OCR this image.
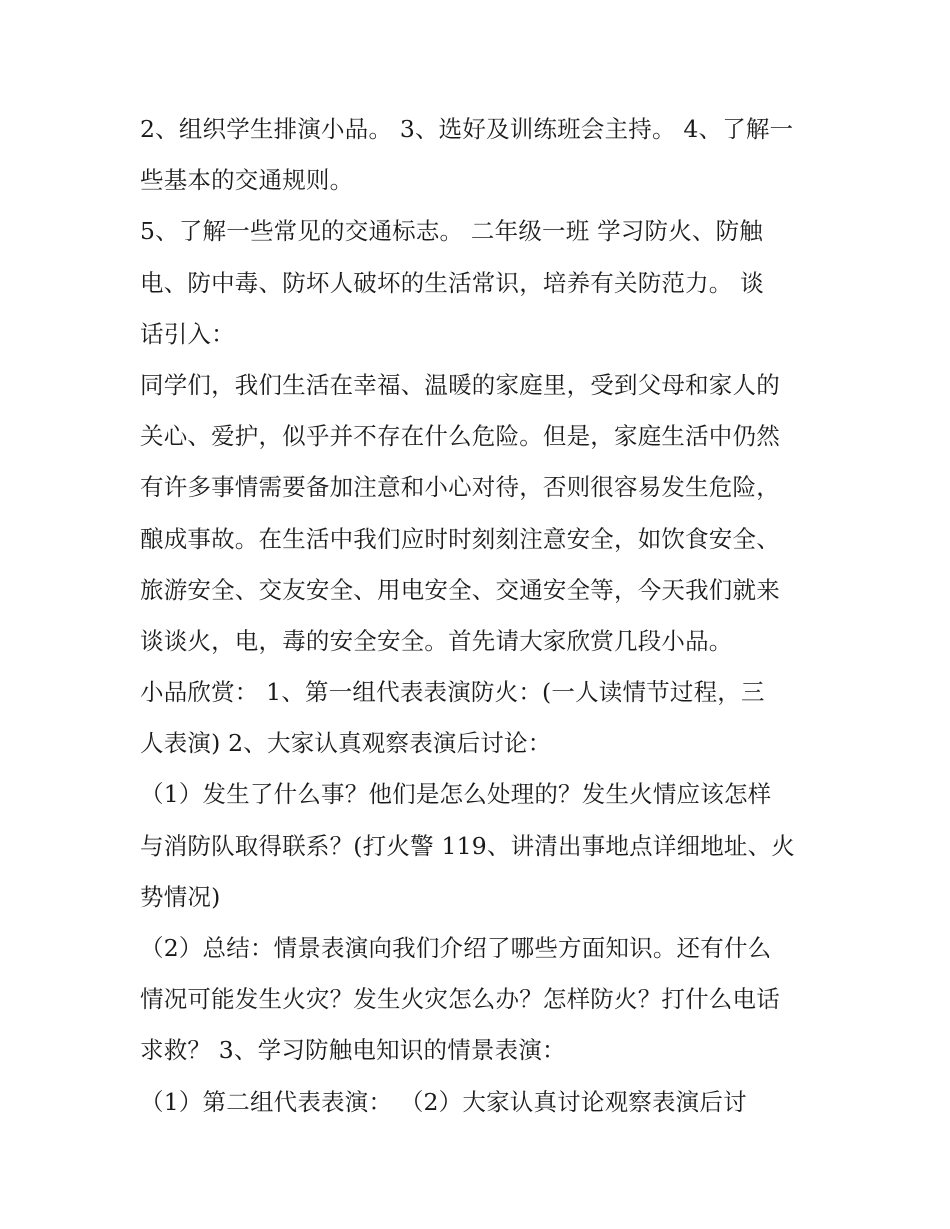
2、组织学生排演小品。 3、选好及训练班会主持。 4、了解一
些基本的交通规则。
5、了解一些常见的交通标志。 二年级一班 学习防火、防触
电、防中毒、防坏人破坏的生活常识，培养有关防范力。 谈
话引入：
同学们，我们生活在幸福、温暖的家庭里，受到父母和家人的
关心、爱护，似乎并不存在什么危险。但是，家庭生活中仍然
有许多事情需要备加注意和小心对待，否则很容易发生危险，
酿成事故。在生活中我们应时时刻刻注意安全，如饮食安全、
旅游安全、交友安全、用电安全、交通安全等，今天我们就来
谈谈火，电，毒的安全安全。首先请大家欣赏几段小品。
小品欣赏： 1、第一组代表表演防火：(一人读情节过程，三
人表演) 2、大家认真观察表演后讨论：
（1）发生了什么事？他们是怎么处理的？发生火情应该怎样
与消防队取得联系？(打火警 119、讲清出事地点详细地址、火
势情况)
（2）总结：情景表演向我们介绍了哪些方面知识。还有什么
情况可能发生火灾？发生火灾怎么办？怎样防火？打什么电话
求救？ 3、学习防触电知识的情景表演：
（1）第二组代表表演： （2）大家认真讨论观察表演后讨
